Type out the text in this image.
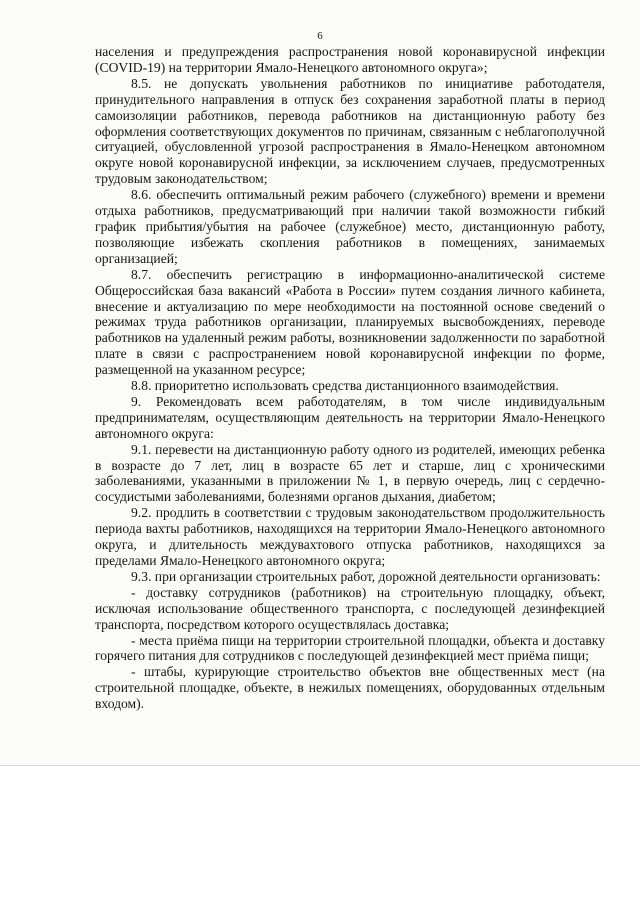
6

населения и предупреждения распространения новой коронавирусной инфекции (COVID-19) на территории Ямало-Ненецкого автономного округа»;

8.5. не допускать увольнения работников по инициативе работодателя, принудительного направления в отпуск без сохранения заработной платы в период самоизоляции работников, перевода работников на дистанционную работу без оформления соответствующих документов по причинам, связанным с неблагополучной ситуацией, обусловленной угрозой распространения в Ямало-Ненецком автономном округе новой коронавирусной инфекции, за исключением случаев, предусмотренных трудовым законодательством;

8.6. обеспечить оптимальный режим рабочего (служебного) времени и времени отдыха работников, предусматривающий при наличии такой возможности гибкий график прибытия/убытия на рабочее (служебное) место, дистанционную работу, позволяющие избежать скопления работников в помещениях, занимаемых организацией;

8.7. обеспечить регистрацию в информационно-аналитической системе Общероссийская база вакансий «Работа в России» путем создания личного кабинета, внесение и актуализацию по мере необходимости на постоянной основе сведений о режимах труда работников организации, планируемых высвобождениях, переводе работников на удаленный режим работы, возникновении задолженности по заработной плате в связи с распространением новой коронавирусной инфекции по форме, размещенной на указанном ресурсе;

8.8. приоритетно использовать средства дистанционного взаимодействия.

9. Рекомендовать всем работодателям, в том числе индивидуальным предпринимателям, осуществляющим деятельность на территории Ямало-Ненецкого автономного округа:

9.1. перевести на дистанционную работу одного из родителей, имеющих ребенка в возрасте до 7 лет, лиц в возрасте 65 лет и старше, лиц с хроническими заболеваниями, указанными в приложении № 1, в первую очередь, лиц с сердечно-сосудистыми заболеваниями, болезнями органов дыхания, диабетом;

9.2. продлить в соответствии с трудовым законодательством продолжительность периода вахты работников, находящихся на территории Ямало-Ненецкого автономного округа, и длительность междувахтового отпуска работников, находящихся за пределами Ямало-Ненецкого автономного округа;

9.3. при организации строительных работ, дорожной деятельности организовать:

- доставку сотрудников (работников) на строительную площадку, объект, исключая использование общественного транспорта, с последующей дезинфекцией транспорта, посредством которого осуществлялась доставка;

- места приёма пищи на территории строительной площадки, объекта и доставку горячего питания для сотрудников с последующей дезинфекцией мест приёма пищи;

- штабы, курирующие строительство объектов вне общественных мест (на строительной площадке, объекте, в нежилых помещениях, оборудованных отдельным входом).
